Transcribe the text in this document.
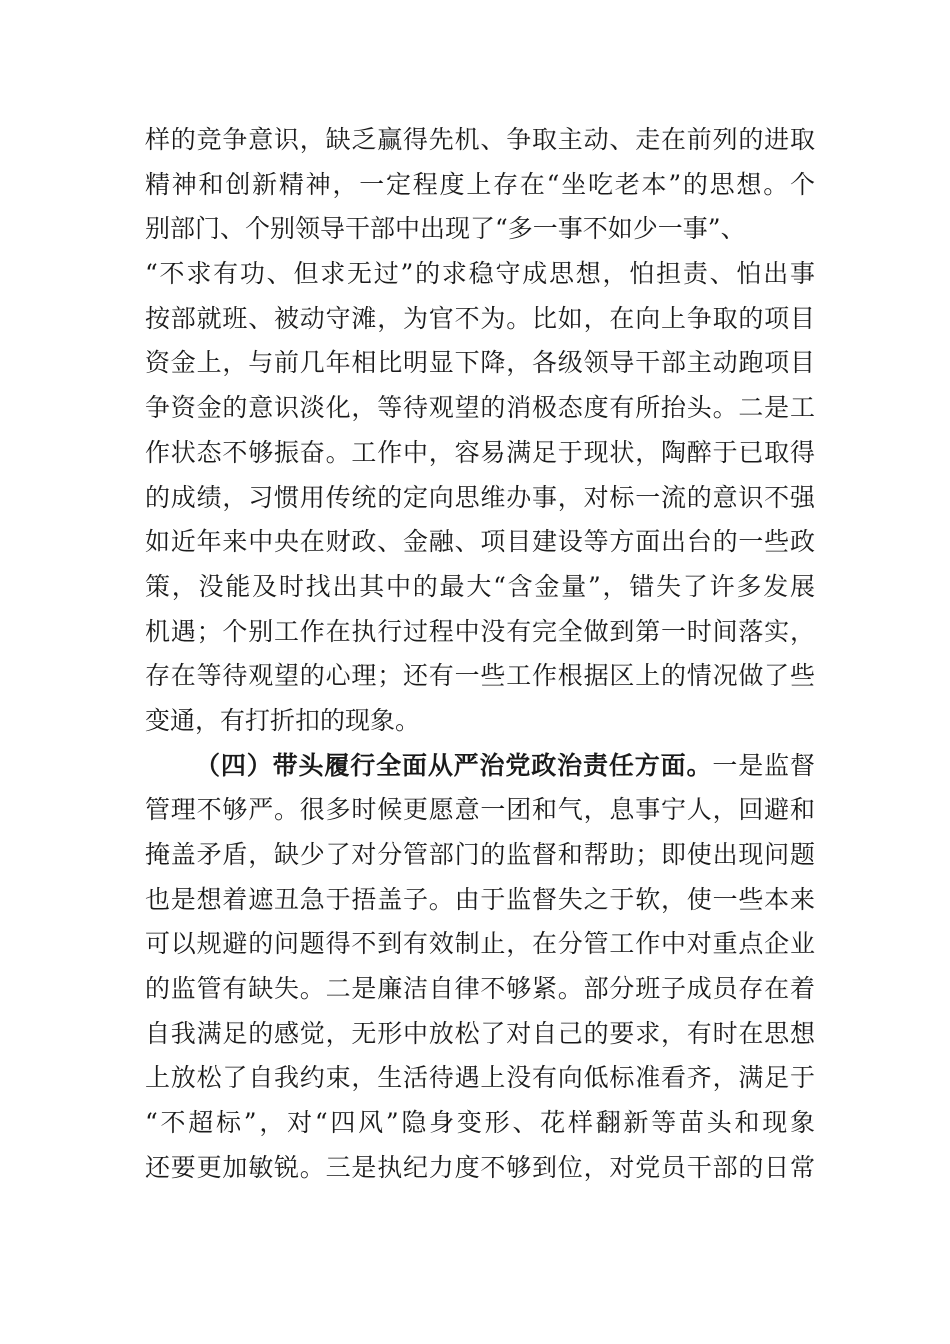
样的竞争意识，缺乏赢得先机、争取主动、走在前列的进取
精神和创新精神，一定程度上存在“坐吃老本”的思想。个
别部门、个别领导干部中出现了“多一事不如少一事”、
“不求有功、但求无过”的求稳守成思想，怕担责、怕出事
按部就班、被动守滩，为官不为。比如，在向上争取的项目
资金上，与前几年相比明显下降，各级领导干部主动跑项目
争资金的意识淡化，等待观望的消极态度有所抬头。二是工
作状态不够振奋。工作中，容易满足于现状，陶醉于已取得
的成绩，习惯用传统的定向思维办事，对标一流的意识不强
如近年来中央在财政、金融、项目建设等方面出台的一些政
策，没能及时找出其中的最大“含金量”，错失了许多发展
机遇；个别工作在执行过程中没有完全做到第一时间落实，
存在等待观望的心理；还有一些工作根据区上的情况做了些
变通，有打折扣的现象。
（四）带头履行全面从严治党政治责任方面。一是监督
管理不够严。很多时候更愿意一团和气，息事宁人，回避和
掩盖矛盾，缺少了对分管部门的监督和帮助；即使出现问题
也是想着遮丑急于捂盖子。由于监督失之于软，使一些本来
可以规避的问题得不到有效制止，在分管工作中对重点企业
的监管有缺失。二是廉洁自律不够紧。部分班子成员存在着
自我满足的感觉，无形中放松了对自己的要求，有时在思想
上放松了自我约束，生活待遇上没有向低标准看齐，满足于
“不超标”，对“四风”隐身变形、花样翻新等苗头和现象
还要更加敏锐。三是执纪力度不够到位，对党员干部的日常
